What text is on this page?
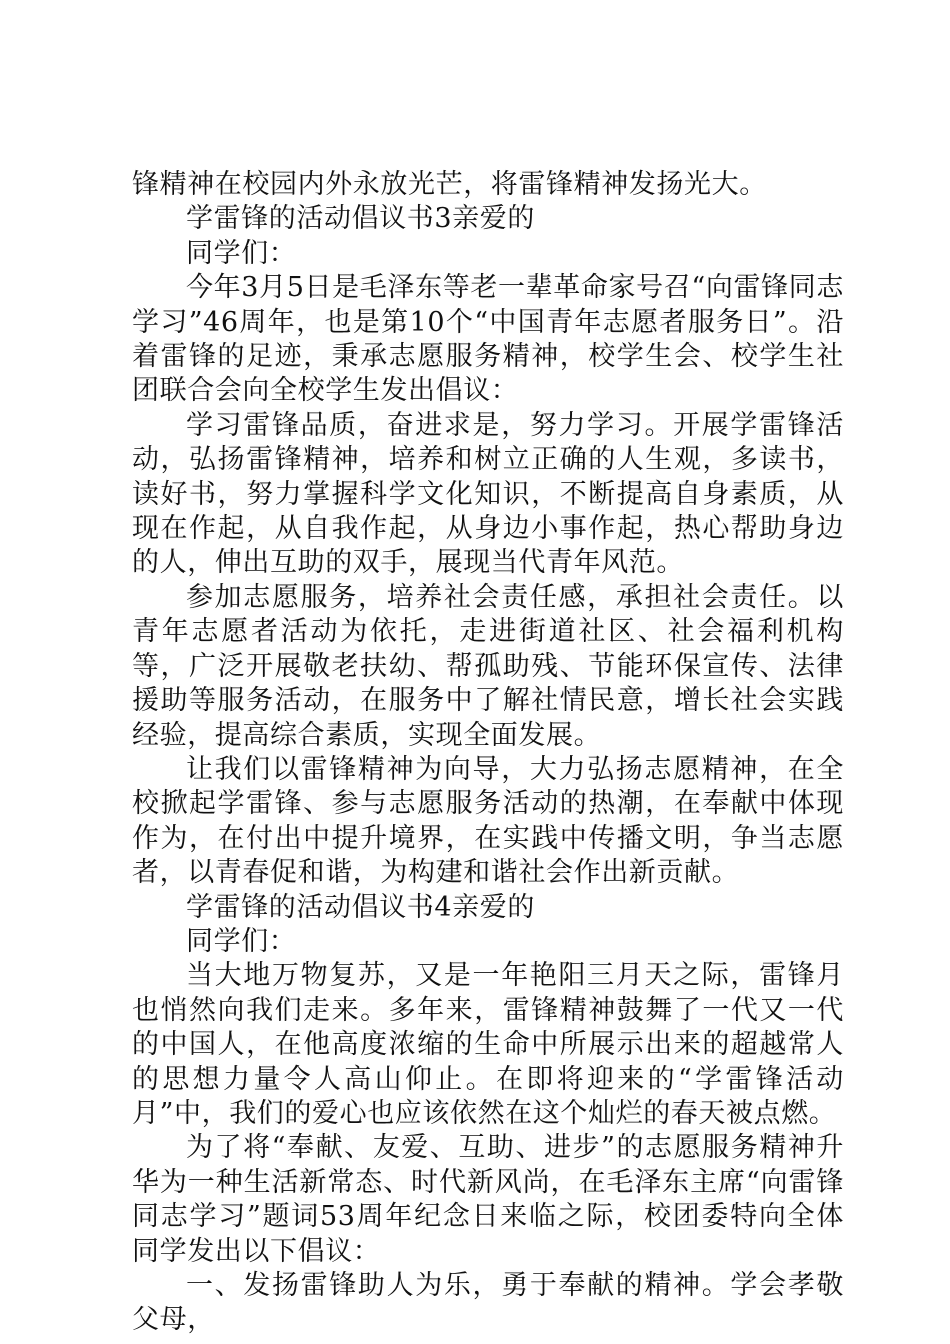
锋精神在校园内外永放光芒，将雷锋精神发扬光大。

学雷锋的活动倡议书3亲爱的

同学们：

今年3月5日是毛泽东等老一辈革命家号召“向雷锋同志学习”46周年，也是第10个“中国青年志愿者服务日”。沿着雷锋的足迹，秉承志愿服务精神，校学生会、校学生社团联合会向全校学生发出倡议：

学习雷锋品质，奋进求是，努力学习。开展学雷锋活动，弘扬雷锋精神，培养和树立正确的人生观，多读书，读好书，努力掌握科学文化知识，不断提高自身素质，从现在作起，从自我作起，从身边小事作起，热心帮助身边的人，伸出互助的双手，展现当代青年风范。

参加志愿服务，培养社会责任感，承担社会责任。以青年志愿者活动为依托，走进街道社区、社会福利机构等，广泛开展敬老扶幼、帮孤助残、节能环保宣传、法律援助等服务活动，在服务中了解社情民意，增长社会实践经验，提高综合素质，实现全面发展。

让我们以雷锋精神为向导，大力弘扬志愿精神，在全校掀起学雷锋、参与志愿服务活动的热潮，在奉献中体现作为，在付出中提升境界，在实践中传播文明，争当志愿者，以青春促和谐，为构建和谐社会作出新贡献。

学雷锋的活动倡议书4亲爱的

同学们：

当大地万物复苏，又是一年艳阳三月天之际，雷锋月也悄然向我们走来。多年来，雷锋精神鼓舞了一代又一代的中国人，在他高度浓缩的生命中所展示出来的超越常人的思想力量令人高山仰止。在即将迎来的“学雷锋活动月”中，我们的爱心也应该依然在这个灿烂的春天被点燃。

为了将“奉献、友爱、互助、进步”的志愿服务精神升华为一种生活新常态、时代新风尚，在毛泽东主席“向雷锋同志学习”题词53周年纪念日来临之际，校团委特向全体同学发出以下倡议：

一、发扬雷锋助人为乐，勇于奉献的精神。学会孝敬父母，
